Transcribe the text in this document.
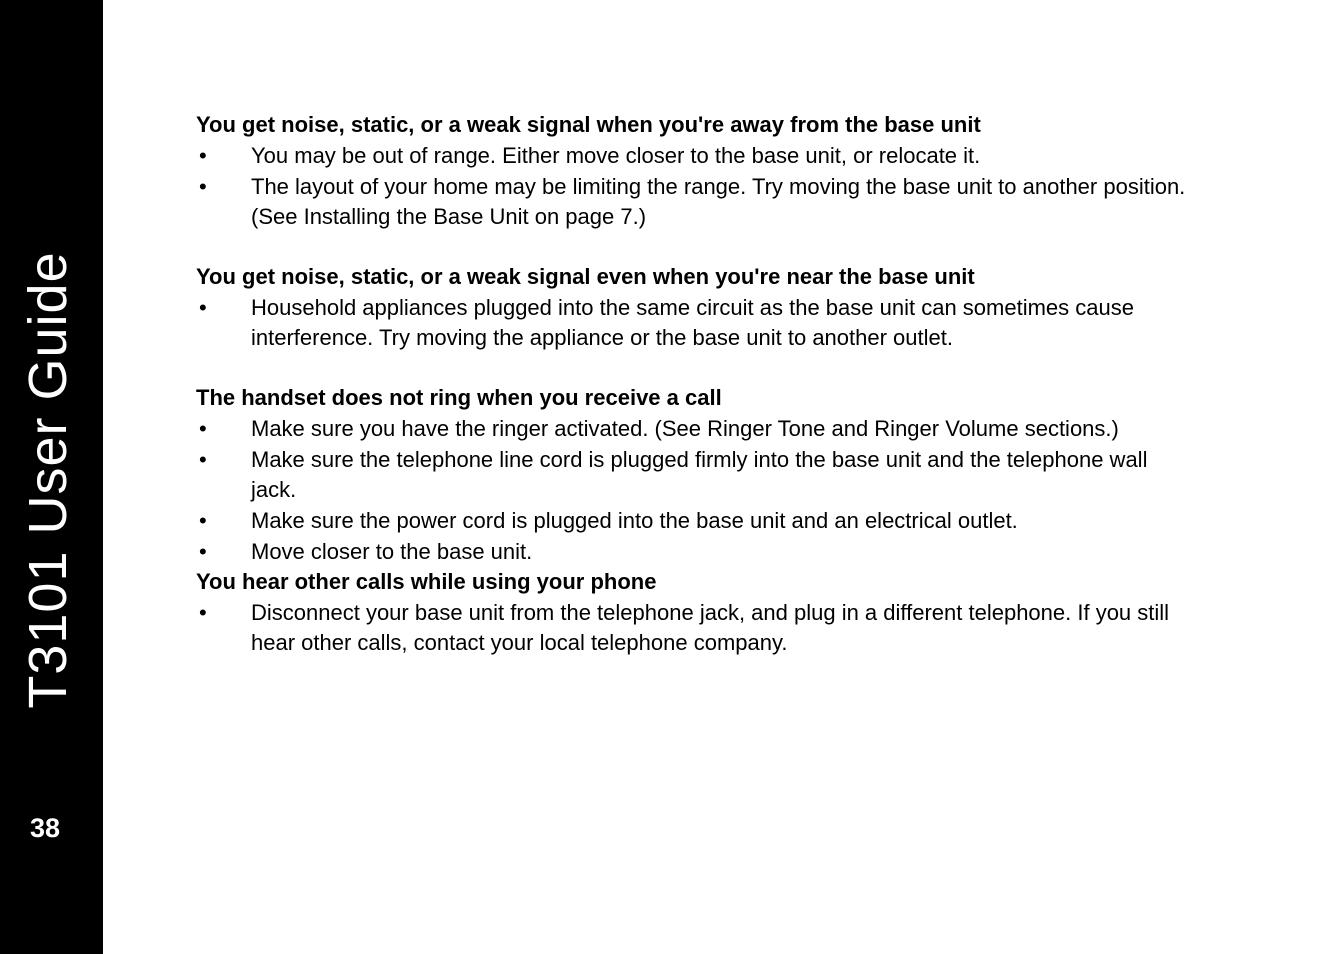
T3101 User Guide
38
You get noise, static, or a weak signal when you're away from the base unit
•	You may be out of range. Either move closer to the base unit, or relocate it.
•	The layout of your home may be limiting the range. Try moving the base unit to another position. (See Installing the Base Unit on page 7.)
You get noise, static, or a weak signal even when you're near the base unit
•	Household appliances plugged into the same circuit as the base unit can sometimes cause interference. Try moving the appliance or the base unit to another outlet.
The handset does not ring when you receive a call
•	Make sure you have the ringer activated. (See Ringer Tone and Ringer Volume sections.)
•	Make sure the telephone line cord is plugged firmly into the base unit and the telephone wall jack.
•	Make sure the power cord is plugged into the base unit and an electrical outlet.
•	Move closer to the base unit.
You hear other calls while using your phone
•	Disconnect your base unit from the telephone jack, and plug in a different telephone. If you still hear other calls, contact your local telephone company.
